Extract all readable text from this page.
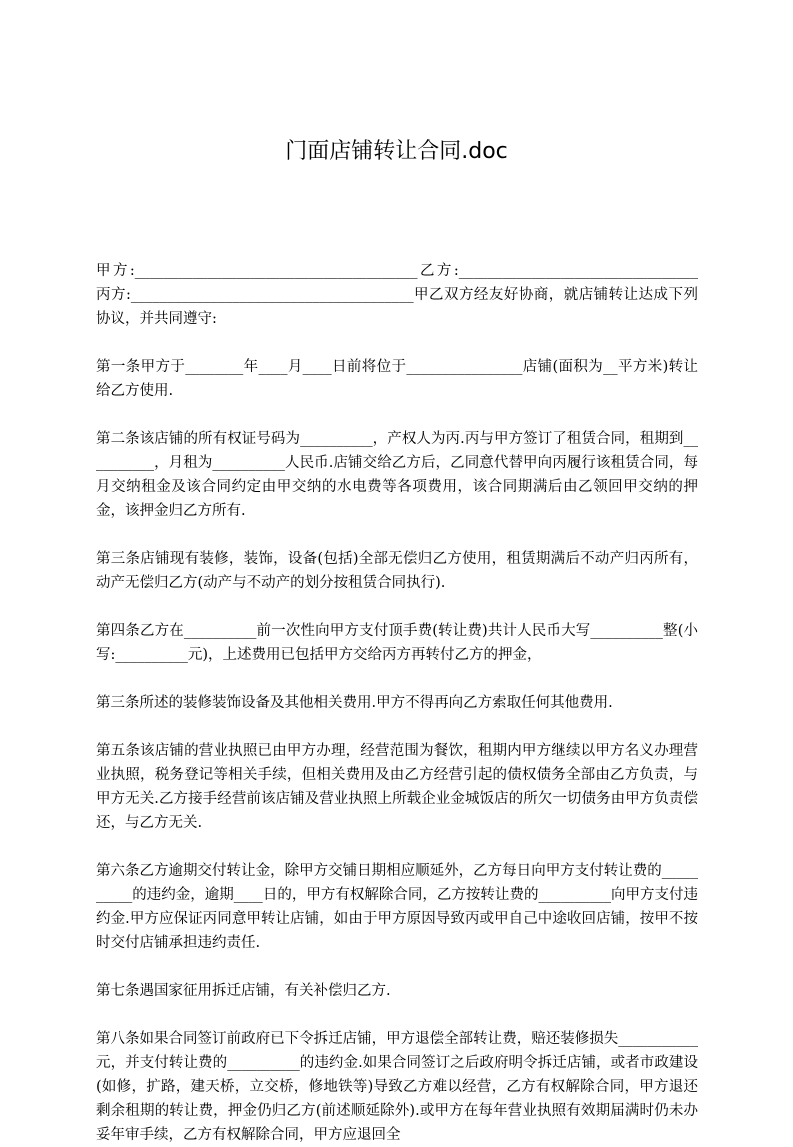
门面店铺转让合同.doc

甲方:_______________________________________乙方:_________________________________丙方:_______________________________________甲乙双方经友好协商，就店铺转让达成下列协议，并共同遵守:

第一条甲方于________年____月____日前将位于________________店铺(面积为__平方米)转让给乙方使用.

第二条该店铺的所有权证号码为__________，产权人为丙.丙与甲方签订了租赁合同，租期到__________，月租为__________人民币.店铺交给乙方后，乙同意代替甲向丙履行该租赁合同，每月交纳租金及该合同约定由甲交纳的水电费等各项费用，该合同期满后由乙领回甲交纳的押金，该押金归乙方所有.

第三条店铺现有装修，装饰，设备(包括)全部无偿归乙方使用，租赁期满后不动产归丙所有，动产无偿归乙方(动产与不动产的划分按租赁合同执行).

第四条乙方在__________前一次性向甲方支付顶手费(转让费)共计人民币大写__________整(小写:__________元)，上述费用已包括甲方交给丙方再转付乙方的押金，

第三条所述的装修装饰设备及其他相关费用.甲方不得再向乙方索取任何其他费用.

第五条该店铺的营业执照已由甲方办理，经营范围为餐饮，租期内甲方继续以甲方名义办理营业执照，税务登记等相关手续，但相关费用及由乙方经营引起的债权债务全部由乙方负责，与甲方无关.乙方接手经营前该店铺及营业执照上所载企业金城饭店的所欠一切债务由甲方负责偿还，与乙方无关.

第六条乙方逾期交付转让金，除甲方交铺日期相应顺延外，乙方每日向甲方支付转让费的__________的违约金，逾期____日的，甲方有权解除合同，乙方按转让费的__________向甲方支付违约金.甲方应保证丙同意甲转让店铺，如由于甲方原因导致丙或甲自己中途收回店铺，按甲不按时交付店铺承担违约责任.

第七条遇国家征用拆迁店铺，有关补偿归乙方.

第八条如果合同签订前政府已下令拆迁店铺，甲方退偿全部转让费，赔还装修损失___________元，并支付转让费的__________的违约金.如果合同签订之后政府明令拆迁店铺，或者市政建设(如修，扩路，建天桥，立交桥，修地铁等)导致乙方难以经营，乙方有权解除合同，甲方退还剩余租期的转让费，押金仍归乙方(前述顺延除外).或甲方在每年营业执照有效期届满时仍未办妥年审手续，乙方有权解除合同，甲方应退回全
